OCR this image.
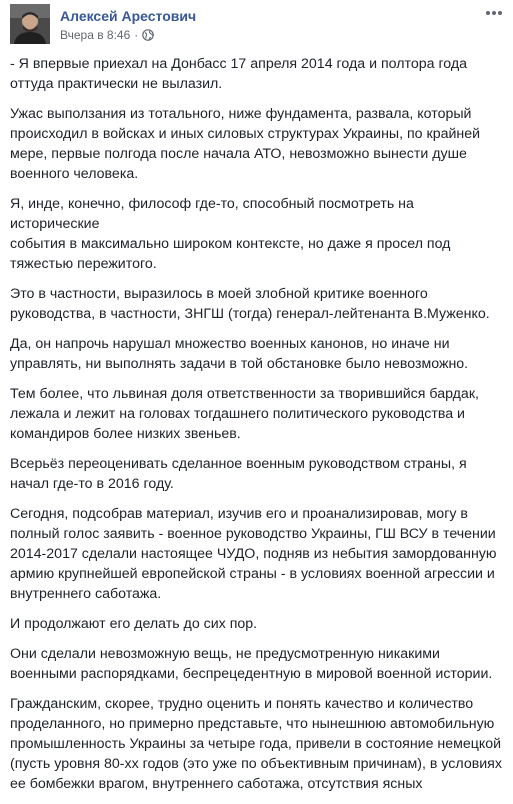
Алексей Арестович
Вчера в 8:46 ·

- Я впервые приехал на Донбасс 17 апреля 2014 года и полтора года
оттуда практически не вылазил.

Ужас выползания из тотального, ниже фундамента, развала, который
происходил в войсках и иных силовых структурах Украины, по крайней
мере, первые полгода после начала АТО, невозможно вынести душе
военного человека.

Я, инде, конечно, философ где-то, способный посмотреть на исторические
события в максимально широком контексте, но даже я просел под
тяжестью пережитого.

Это в частности, выразилось в моей злобной критике военного
руководства, в частности, ЗНГШ (тогда) генерал-лейтенанта В.Муженко.

Да, он напрочь нарушал множество военных канонов, но иначе ни
управлять, ни выполнять задачи в той обстановке было невозможно.

Тем более, что львиная доля ответственности за творившийся бардак,
лежала и лежит на головах тогдашнего политического руководства и
командиров более низких звеньев.

Всерьёз переоценивать сделанное военным руководством страны, я
начал где-то в 2016 году.

Сегодня, подсобрав материал, изучив его и проанализировав, могу в
полный голос заявить - военное руководство Украины, ГШ ВСУ в течении
2014-2017 сделали настоящее ЧУДО, подняв из небытия замордованную
армию крупнейшей европейской страны - в условиях военной агрессии и
внутреннего саботажа.

И продолжают его делать до сих пор.

Они сделали невозможную вещь, не предусмотренную никакими
военными распорядками, беспрецедентную в мировой военной истории.

Гражданским, скорее, трудно оценить и понять качество и количество
проделанного, но примерно представьте, что нынешнюю автомобильную
промышленность Украины за четыре года, привели в состояние немецкой
(пусть уровня 80-хх годов (это уже по объективным причинам), в условиях
ее бомбежки врагом, внутреннего саботажа, отсутствия ясных
